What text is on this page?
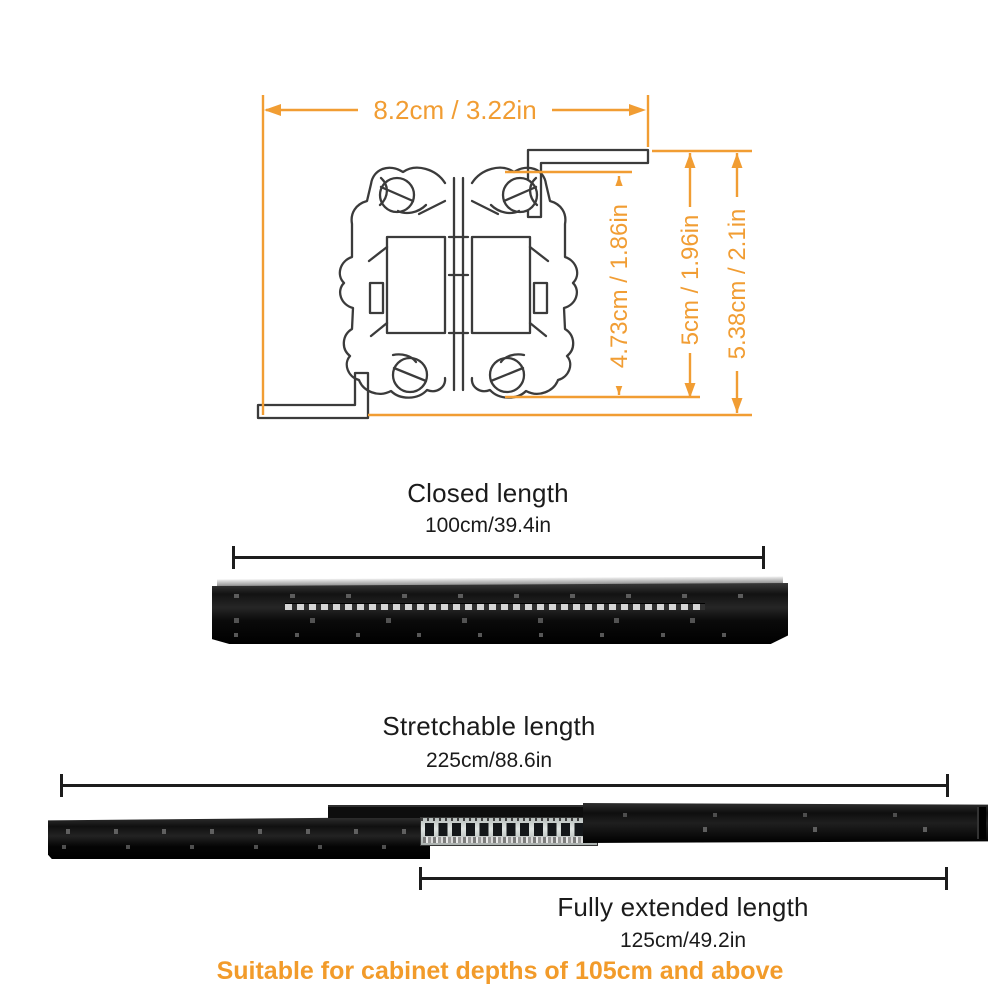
8.2cm / 3.22in
4.73cm / 1.86in 5cm / 1.96in 5.38cm / 2.1in
Closed length
100cm/39.4in
Stretchable length
225cm/88.6in
Fully extended length
125cm/49.2in
Suitable for cabinet depths of 105cm and above
